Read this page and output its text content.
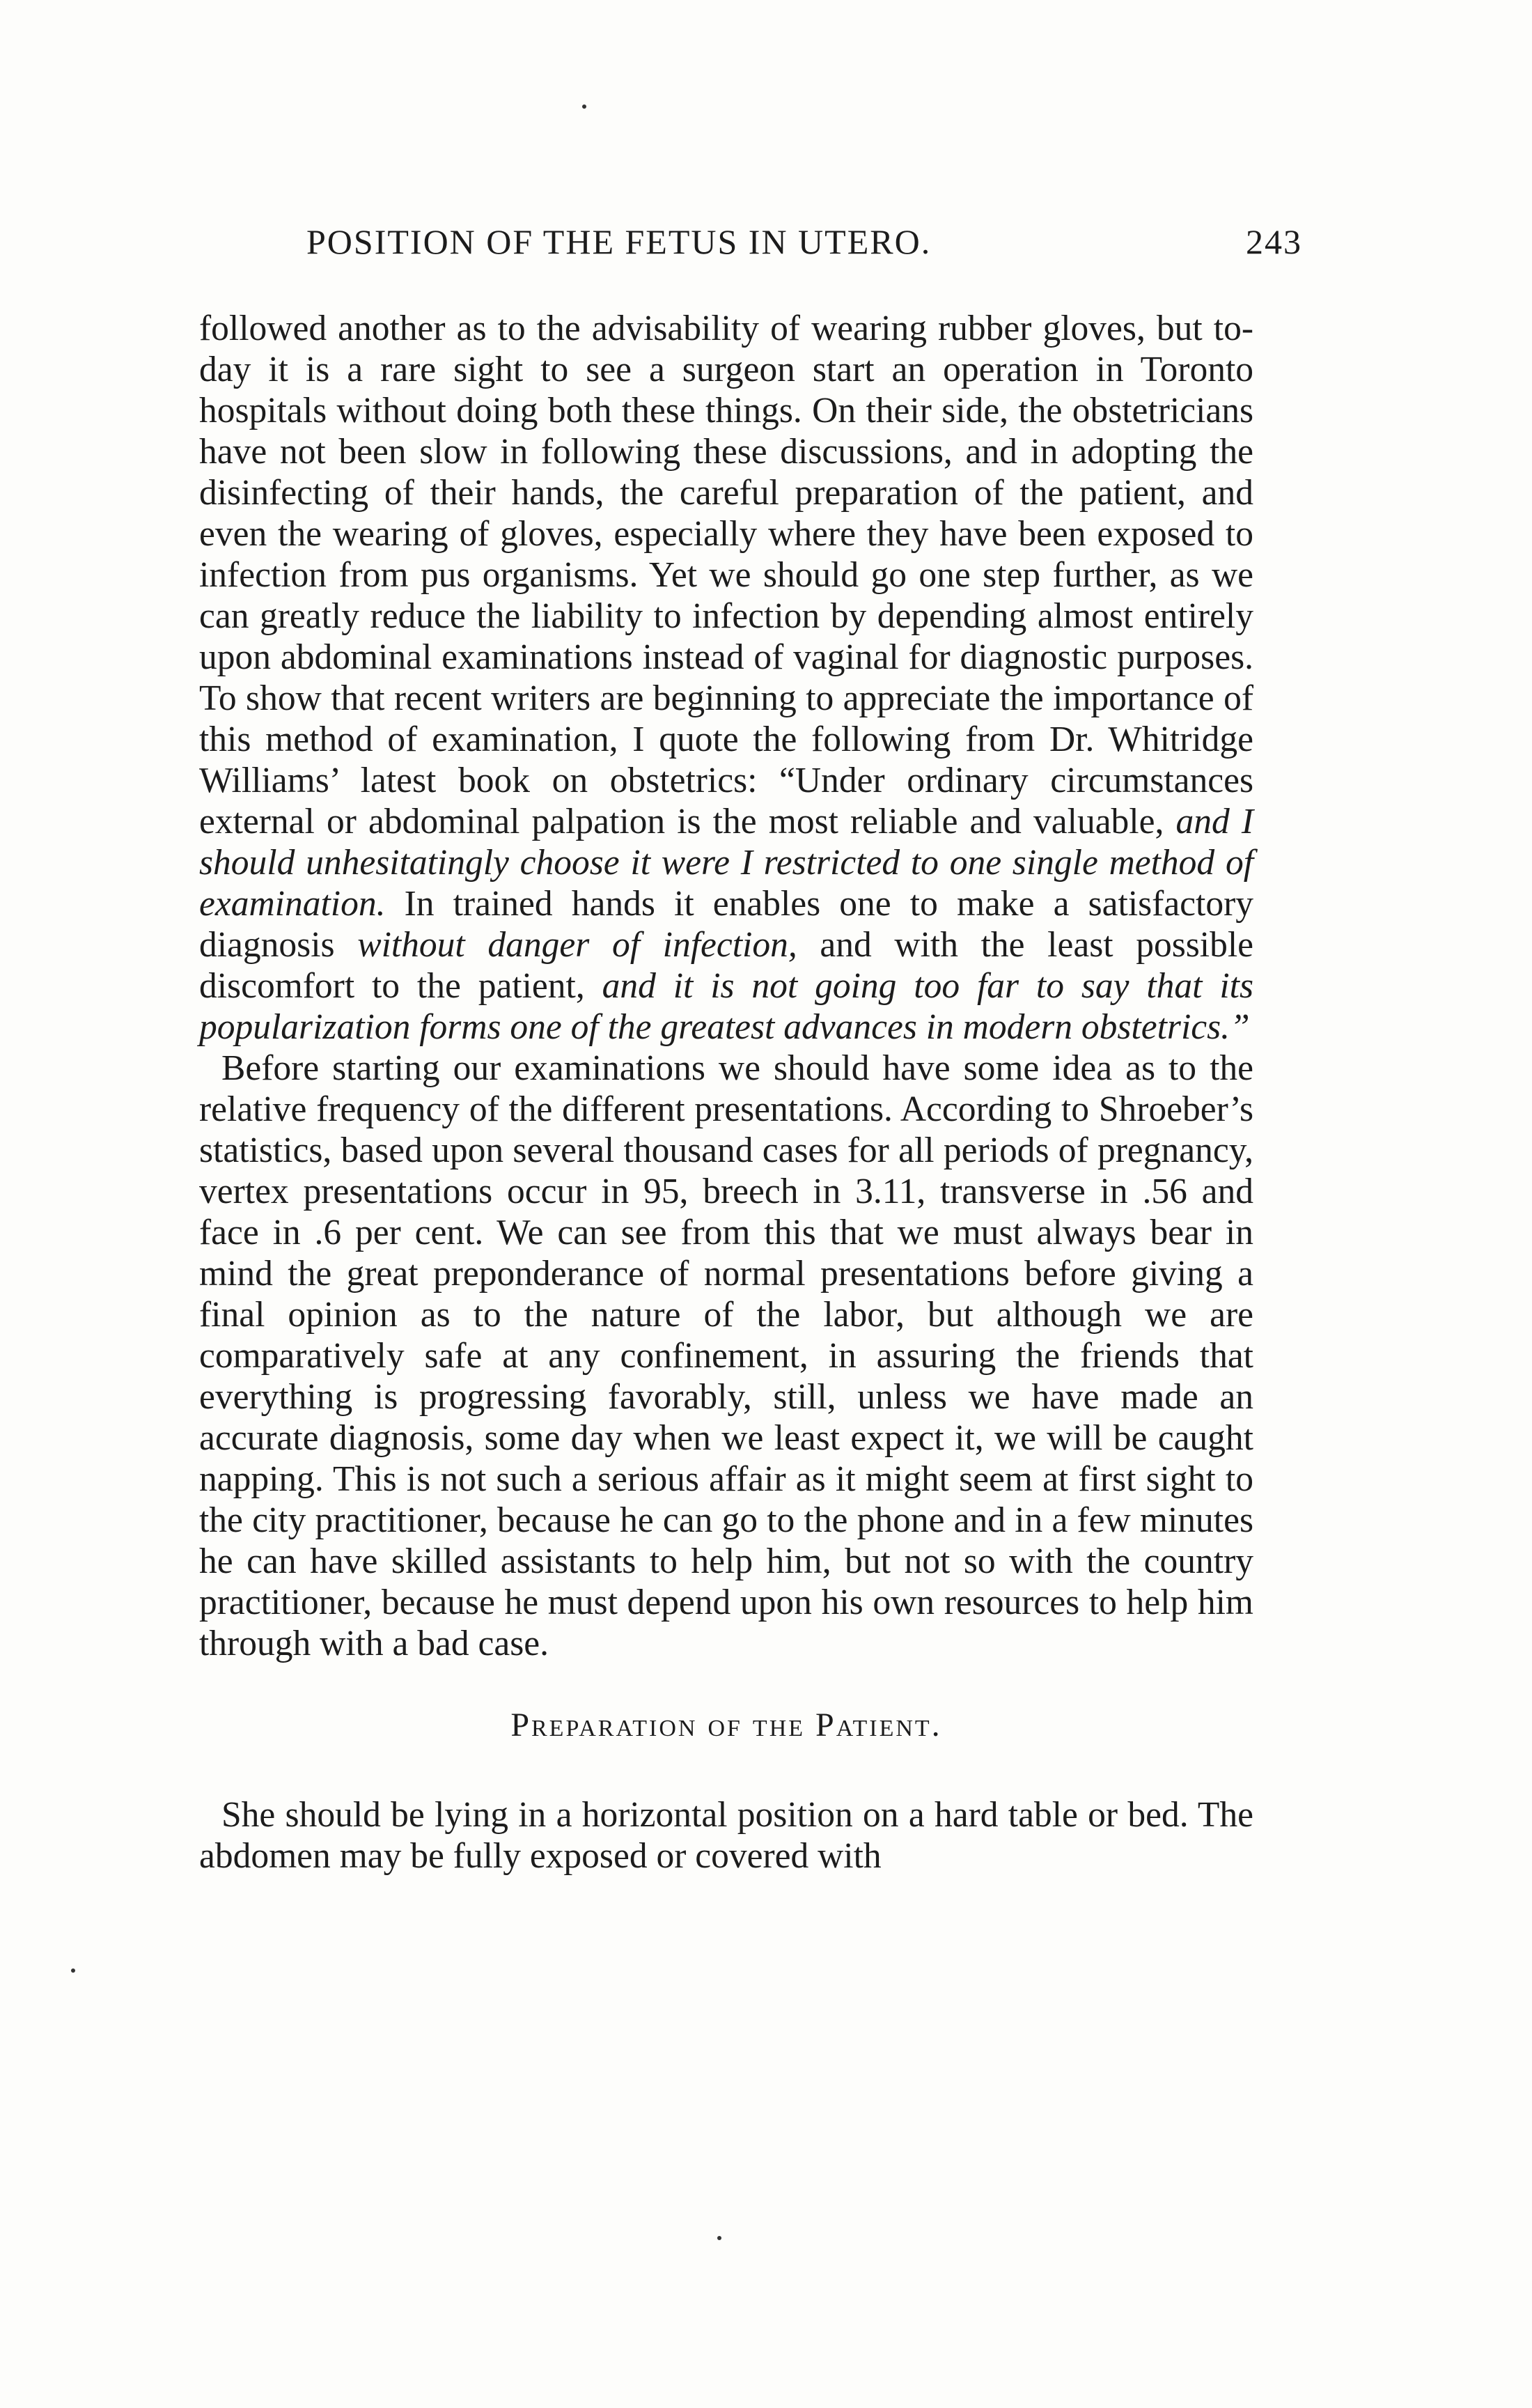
POSITION OF THE FETUS IN UTERO.	243

followed another as to the advisability of wearing rubber gloves, but to-day it is a rare sight to see a surgeon start an operation in Toronto hospitals without doing both these things. On their side, the obstetricians have not been slow in following these discussions, and in adopting the disinfecting of their hands, the careful preparation of the patient, and even the wearing of gloves, especially where they have been exposed to infection from pus organisms. Yet we should go one step further, as we can greatly reduce the liability to infection by depending almost entirely upon abdominal examinations instead of vaginal for diagnostic purposes. To show that recent writers are beginning to appreciate the importance of this method of examination, I quote the following from Dr. Whitridge Williams’ latest book on obstetrics: “Under ordinary circumstances external or abdominal palpation is the most reliable and valuable, and I should unhesitatingly choose it were I restricted to one single method of examination. In trained hands it enables one to make a satisfactory diagnosis without danger of infection, and with the least possible discomfort to the patient, and it is not going too far to say that its popularization forms one of the greatest advances in modern obstetrics.”

Before starting our examinations we should have some idea as to the relative frequency of the different presentations. According to Shroeber’s statistics, based upon several thousand cases for all periods of pregnancy, vertex presentations occur in 95, breech in 3.11, transverse in .56 and face in .6 per cent. We can see from this that we must always bear in mind the great preponderance of normal presentations before giving a final opinion as to the nature of the labor, but although we are comparatively safe at any confinement, in assuring the friends that everything is progressing favorably, still, unless we have made an accurate diagnosis, some day when we least expect it, we will be caught napping. This is not such a serious affair as it might seem at first sight to the city practitioner, because he can go to the phone and in a few minutes he can have skilled assistants to help him, but not so with the country practitioner, because he must depend upon his own resources to help him through with a bad case.

Preparation of the Patient.

She should be lying in a horizontal position on a hard table or bed. The abdomen may be fully exposed or covered with
